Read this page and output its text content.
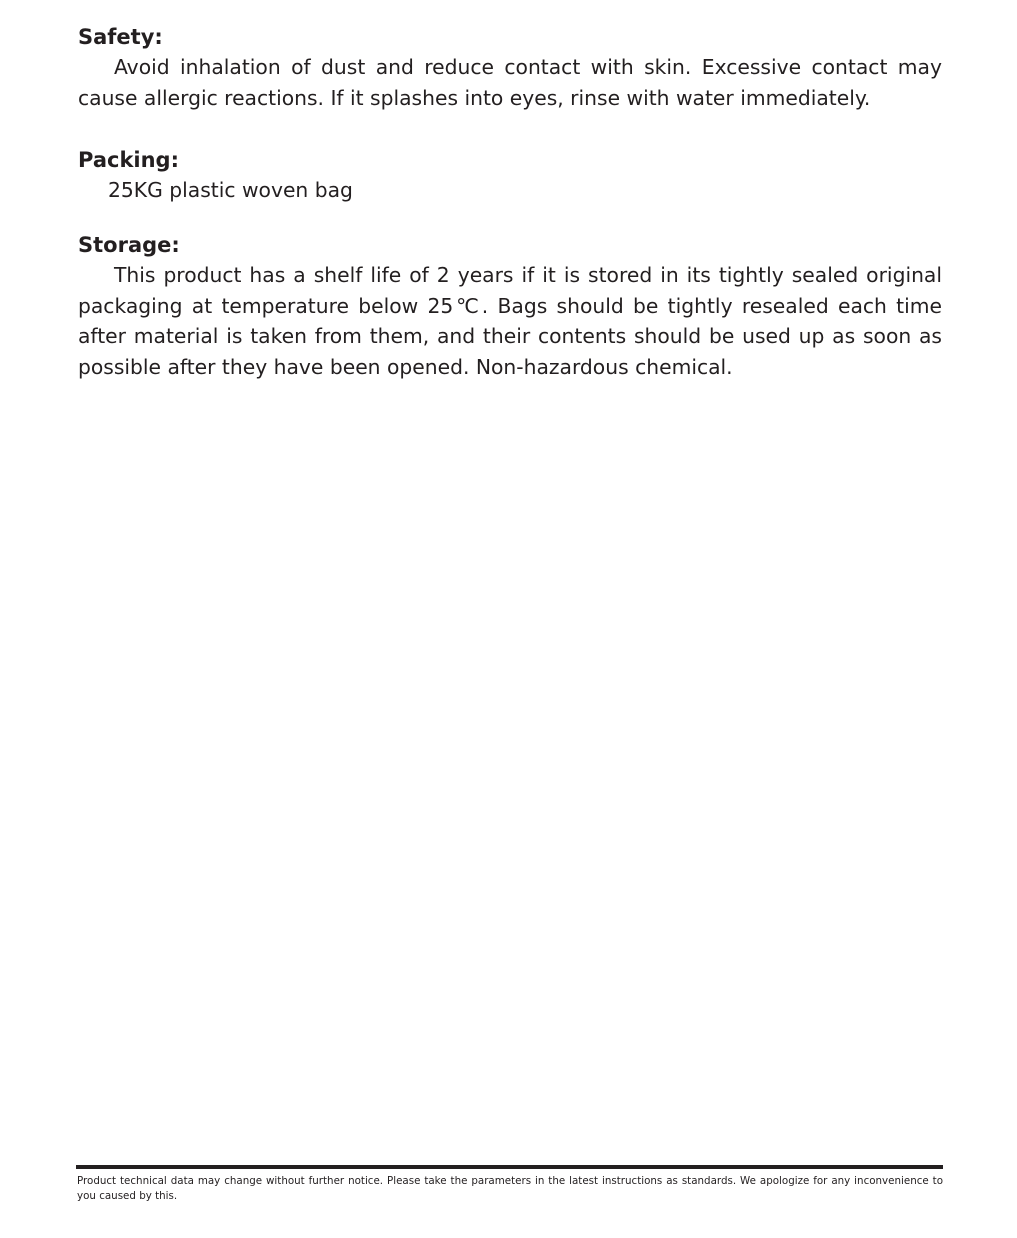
Safety:

Avoid inhalation of dust and reduce contact with skin. Excessive contact may cause allergic reactions. If it splashes into eyes, rinse with water immediately.

Packing:

25KG plastic woven bag

Storage:

This product has a shelf life of 2 years if it is stored in its tightly sealed original packaging at temperature below 25℃. Bags should be tightly resealed each time after material is taken from them, and their contents should be used up as soon as possible after they have been opened. Non-hazardous chemical.

Product technical data may change without further notice. Please take the parameters in the latest instructions as standards. We apologize for any inconvenience to you caused by this.
